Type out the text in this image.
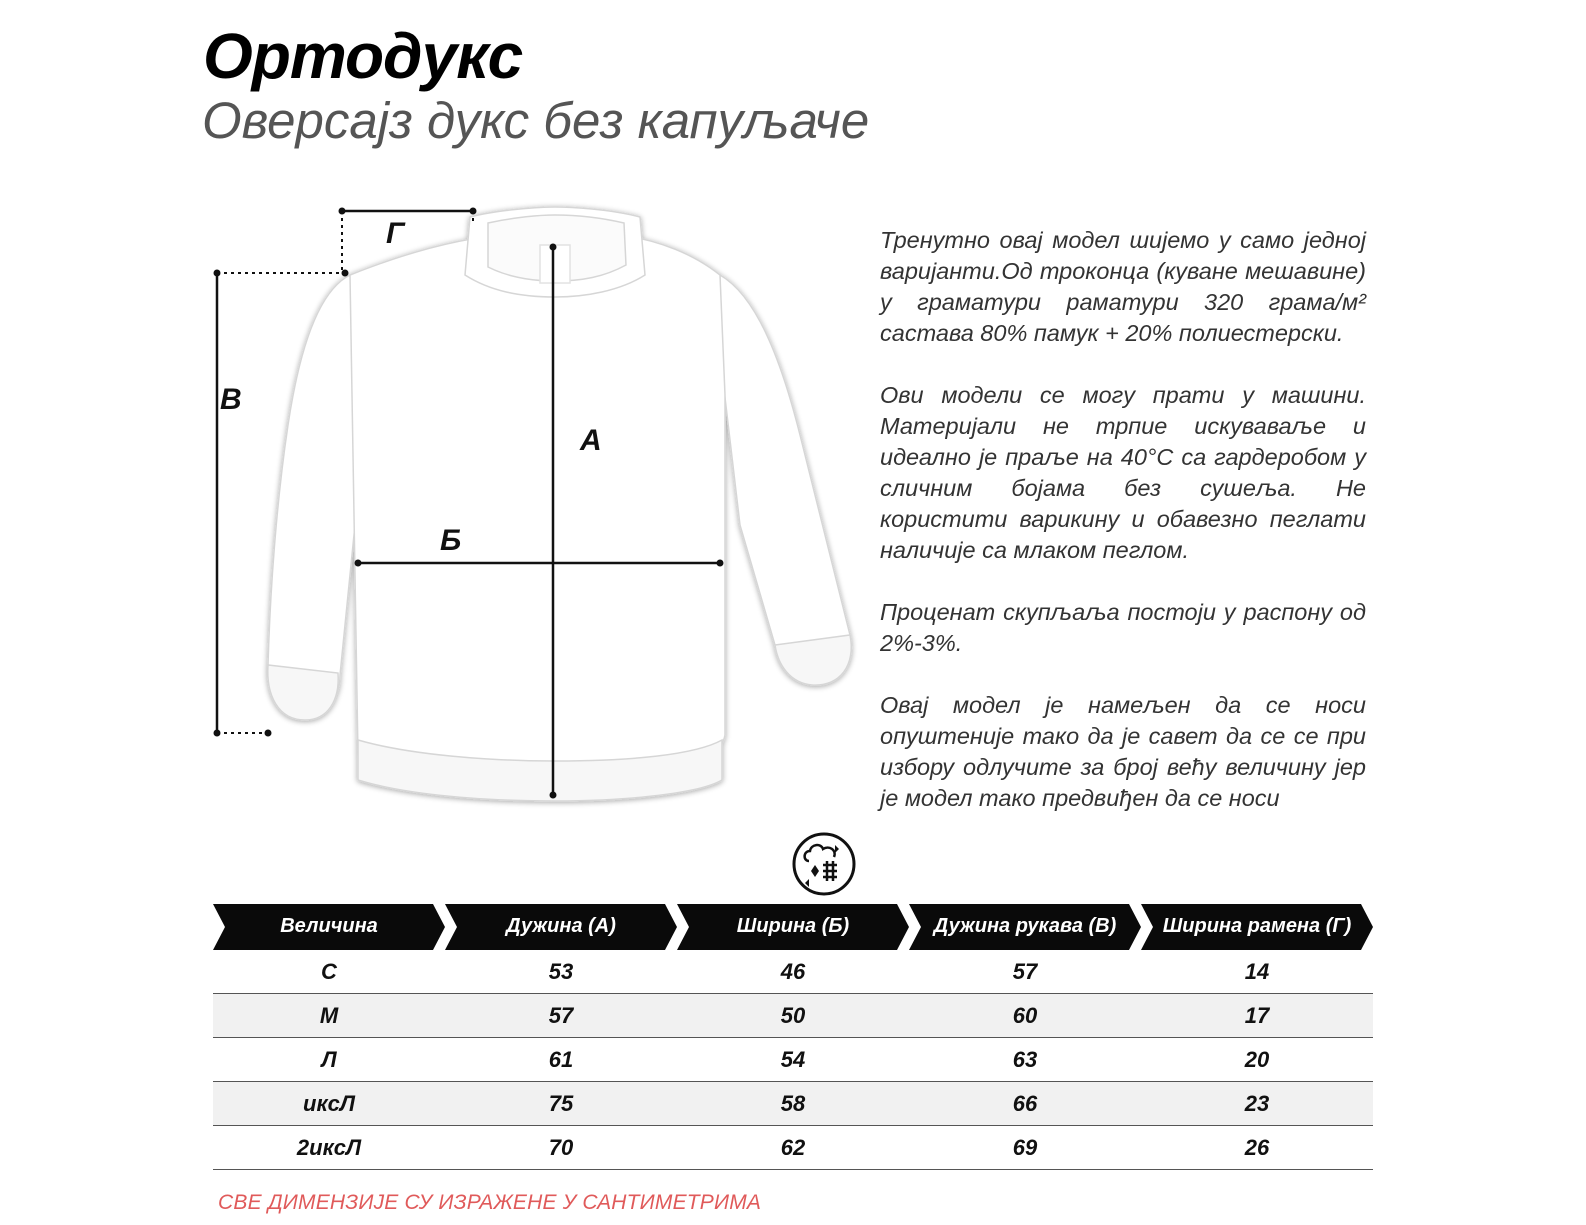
Ортодукс
Оверсајз дукс без капуљаче
А
Б
В
Г	Тренутно овај модел шијемо у само једној варијанти.Од троконца (куване мешавине) у граматури раматури 320 грама/м² састава 80% памук + 20% полиестерски.

Ови модели се могу прати у машини. Материјали не трпие искуваваље и идеално је праље на 40°C са гардеробом у сличним бојама без сушеља. Не користити варикину и обавезно пеглати наличије са млаком пеглом.

Проценат скупљаља постоји у распону од 2%-3%.

Овај модел је намељен да се носи опуштеније тако да је савет да се се при избору одлучите за број већу величину јер је модел тако предвиђен да се носи

Величина	Дужина (А)	Ширина (Б)	Дужина рукава (В)	Ширина рамена (Г)
С	53	46	57	14
М	57	50	60	17
Л	61	54	63	20
иксЛ	75	58	66	23
2иксЛ	70	62	69	26
СВЕ ДИМЕНЗИЈЕ СУ ИЗРАЖЕНЕ У САНТИМЕТРИМА
